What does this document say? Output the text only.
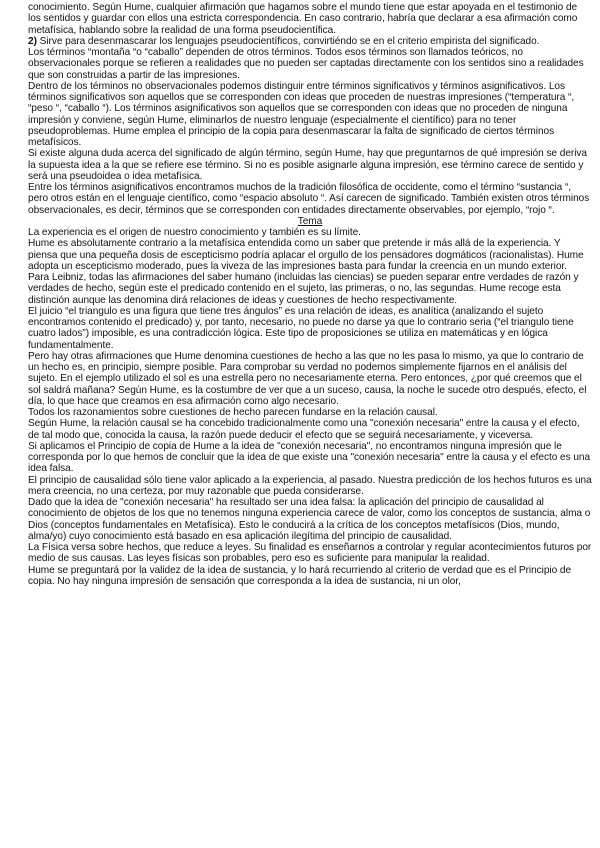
conocimiento. Según Hume, cualquier afirmación que hagamos sobre el mundo tiene que estar apoyada en el testimonio de los sentidos y guardar con ellos una estricta correspondencia. En caso contrario, habría que declarar a esa afirmación como metafísica, hablando sobre la realidad de una forma pseudocientífica.

2) Sirve para desenmascarar los lenguajes pseudocientíficos, convirtiéndo se en el criterio empirista del significado.

Los términos “montaña “o “caballo” dependen de otros términos. Todos esos términos son llamados teóricos, no observacionales porque se refieren a realidades que no pueden ser captadas directamente con los sentidos sino a realidades que son construidas a partir de las impresiones.

Dentro de los términos no observacionales podemos distinguir entre términos significativos y términos asignificativos. Los términos significativos son aquellos que se corresponden con ideas que proceden de nuestras impresiones (“temperatura “, “peso “, “caballo “). Los términos asignificativos son aquellos que se corresponden con ideas que no proceden de ninguna impresión y conviene, según Hume, eliminarlos de nuestro lenguaje (especialmente el científico) para no tener pseudoproblemas. Hume emplea el principio de la copia para desenmascarar la falta de significado de ciertos términos metafísicos.

Si existe alguna duda acerca del significado de algún término, según Hume, hay que preguntarnos de qué impresión se deriva la supuesta idea a la que se refiere ese término. Si no es posible asignarle alguna impresión, ese término carece de sentido y será una pseudoidea o idea metafísica.

Entre los términos asignificativos encontramos muchos de la tradición filosófica de occidente, como el término “sustancia “, pero otros están en el lenguaje científico, como “espacio absoluto “. Así carecen de significado. También existen otros términos observacionales, es decir, términos que se corresponden con entidades directamente observables, por ejemplo, “rojo “.

Tema

La experiencia es el origen de nuestro conocimiento y también es su límite.

Hume es absolutamente contrario a la metafísica entendida como un saber que pretende ir más allá de la experiencia. Y piensa que una pequeña dosis de escepticismo podría aplacar el orgullo de los pensadores dogmáticos (racionalistas). Hume adopta un escepticismo moderado, pues la viveza de las impresiones basta para fundar la creencia en un mundo exterior.

Para Leibniz, todas las afirmaciones del saber humano (incluidas las ciencias) se pueden separar entre verdades de razón y verdades de hecho, según este el predicado contenido en el sujeto, las primeras, o no, las segundas. Hume recoge esta distinción aunque las denomina dirá relaciones de ideas y cuestiones de hecho respectivamente.

El juicio “el triangulo es una figura que tiene tres ángulos” es una relación de ideas, es analítica (analizando el sujeto encontramos contenido el predicado) y, por tanto, necesario, no puede no darse ya que lo contrario seria (“el triangulo tiene cuatro lados”) imposible, es una contradicción lógica. Este tipo de proposiciones se utiliza en matemáticas y en lógica fundamentalmente.

Pero hay otras afirmaciones que Hume denomina cuestiones de hecho a las que no les pasa lo mismo, ya que lo contrario de un hecho es, en principio, siempre posible. Para comprobar su verdad no podemos simplemente fijarnos en el análisis del sujeto. En el ejemplo utilizado el sol es una estrella pero no necesariamente eterna. Pero entonces, ¿por qué creemos que el sol saldrá mañana? Según Hume, es la costumbre de ver que a un suceso, causa, la noche le sucede otro después, efecto, el día, lo que hace que creamos en esa afirmación como algo necesario.

Todos los razonamientos sobre cuestiones de hecho parecen fundarse en la relación causal.

Según Hume, la relación causal se ha concebido tradicionalmente como una "conexión necesaria" entre la causa y el efecto, de tal modo que, conocida la causa, la razón puede deducir el efecto que se seguirá necesariamente, y viceversa.

Si aplicamos el Principio de copia de Hume a la idea de "conexión necesaria", no encontramos ninguna impresión que le corresponda por lo que hemos de concluir que la idea de que existe una "conexión necesaria" entre la causa y el efecto es una idea falsa.

El principio de causalidad sólo tiene valor aplicado a la experiencia, al pasado. Nuestra predicción de los hechos futuros es una mera creencia, no una certeza, por muy razonable que pueda considerarse.

Dado que la idea de "conexión necesaria" ha resultado ser una idea falsa: la aplicación del principio de causalidad al conocimiento de objetos de los que no tenemos ninguna experiencia carece de valor, como los conceptos de sustancia, alma o Dios (conceptos fundamentales en Metafísica). Esto le conducirá a la crítica de los conceptos metafísicos (Dios, mundo, alma/yo) cuyo conocimiento está basado en esa aplicación ilegítima del principio de causalidad.

La Física versa sobre hechos, que reduce a leyes. Su finalidad es enseñarnos a controlar y regular acontecimientos futuros por medio de sus causas. Las leyes físicas son probables, pero eso es suficiente para manipular la realidad.

Hume se preguntará por la validez de la idea de sustancia, y lo hará recurriendo al criterio de verdad que es el Principio de copia. No hay ninguna impresión de sensación que corresponda a la idea de sustancia, ni un olor,
